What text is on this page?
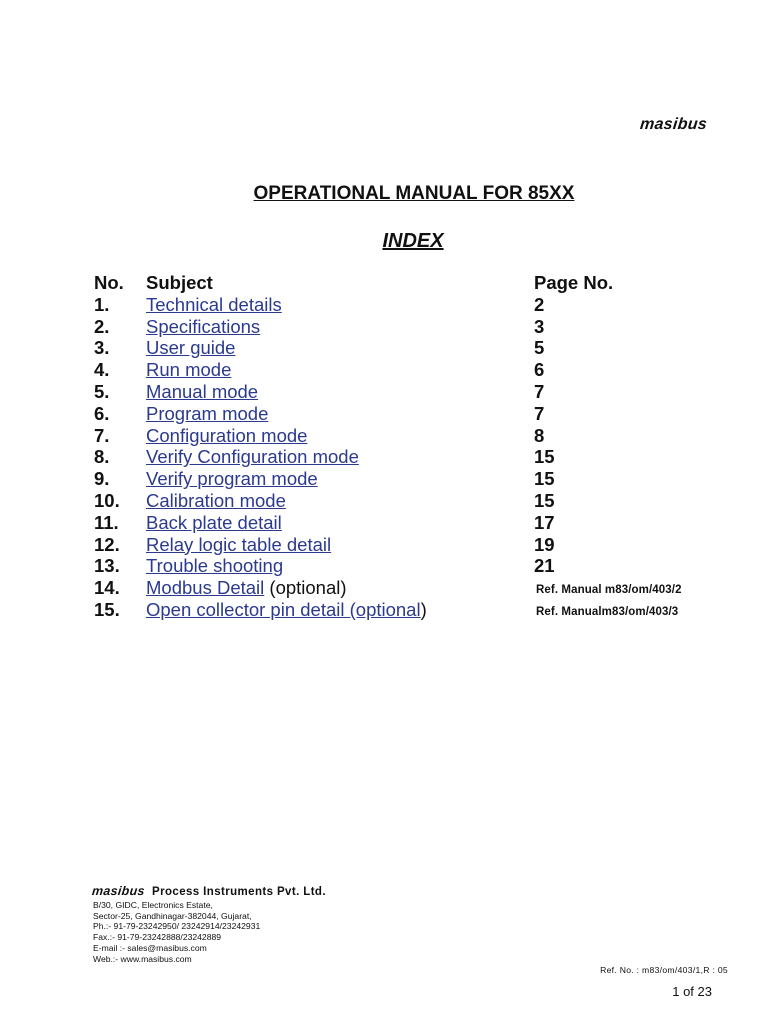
masibus
OPERATIONAL MANUAL FOR 85XX
INDEX
No. Subject	Page No.
1. Technical details	2
2. Specifications	3
3. User guide	5
4. Run mode	6
5. Manual mode	7
6. Program mode	7
7. Configuration mode	8
8. Verify Configuration mode	15
9. Verify program mode	15
10. Calibration mode	15
11. Back plate detail	17
12. Relay logic table detail	19
13. Trouble shooting	21
14. Modbus Detail (optional)	Ref. Manual m83/om/403/2
15. Open collector pin detail (optional)	Ref. Manualm83/om/403/3
masibus Process Instruments Pvt. Ltd.
B/30, GIDC, Electronics Estate,
Sector-25, Gandhinagar-382044, Gujarat,
Ph.:- 91-79-23242950/ 23242914/23242931
Fax.:- 91-79-23242888/23242889
E-mail :- sales@masibus.com
Web.:- www.masibus.com
Ref. No. : m83/om/403/1,R : 05
1 of 23
